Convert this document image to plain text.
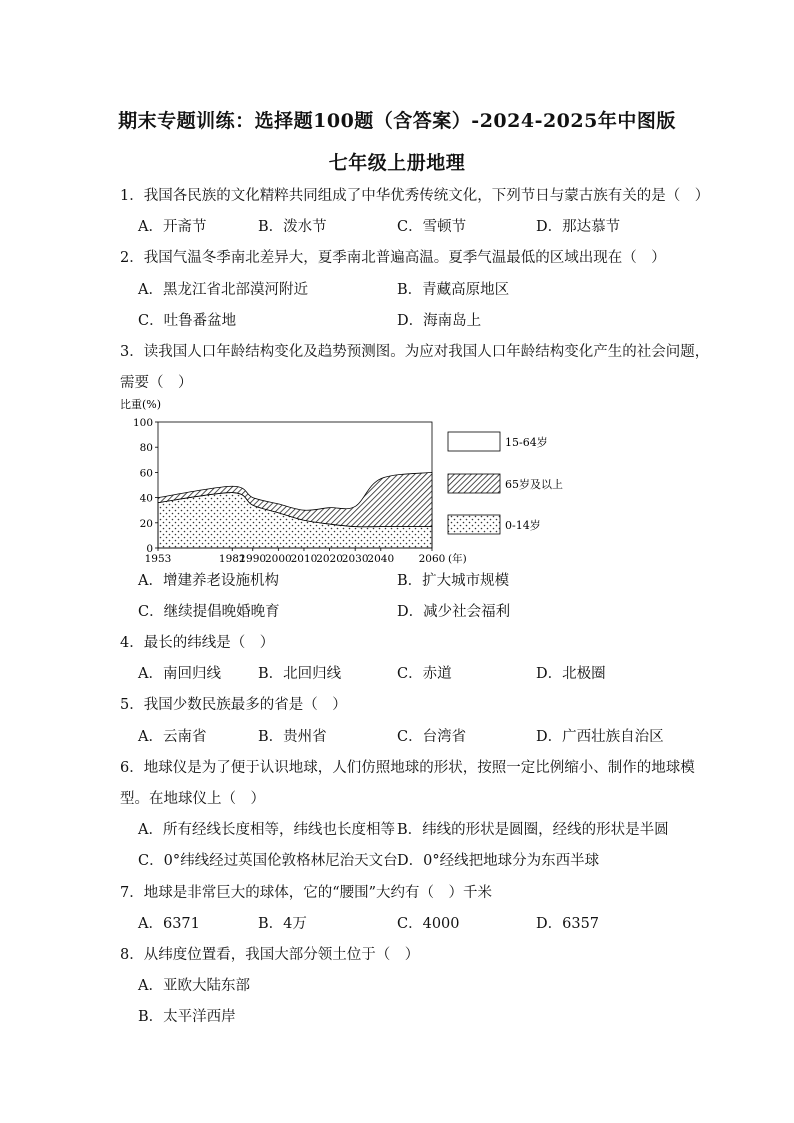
期末专题训练：选择题100题（含答案）-2024-2025年中图版
七年级上册地理
1．我国各民族的文化精粹共同组成了中华优秀传统文化，下列节日与蒙古族有关的是（　）
A．开斋节	B．泼水节	C．雪顿节	D．那达慕节
2．我国气温冬季南北差异大，夏季南北普遍高温。夏季气温最低的区域出现在（　）
A．黑龙江省北部漠河附近	B．青藏高原地区
C．吐鲁番盆地	D．海南岛上
3．读我国人口年龄结构变化及趋势预测图。为应对我国人口年龄结构变化产生的社会问题，
需要（　）
比重(%)
100
80
60
40
20
0
1953	1982
1990
2000
2010
2020
2030
2040 2060 (年)
15-64岁
65岁及以上
0-14岁
A．增建养老设施机构	B．扩大城市规模
C．继续提倡晚婚晚育	D．减少社会福利
4．最长的纬线是（　）
A．南回归线	B．北回归线	C．赤道	D．北极圈
5．我国少数民族最多的省是（　）
A．云南省	B．贵州省	C．台湾省	D．广西壮族自治区
6．地球仪是为了便于认识地球，人们仿照地球的形状，按照一定比例缩小、制作的地球模
型。在地球仪上（　）
A．所有经线长度相等，纬线也长度相等 B．纬线的形状是圆圈，经线的形状是半圆
C．0°纬线经过英国伦敦格林尼治天文台 D．0°经线把地球分为东西半球
7．地球是非常巨大的球体，它的“腰围”大约有（　）千米
A．6371	B．4万	C．4000	D．6357
8．从纬度位置看，我国大部分领土位于（　）
A．亚欧大陆东部
B．太平洋西岸
